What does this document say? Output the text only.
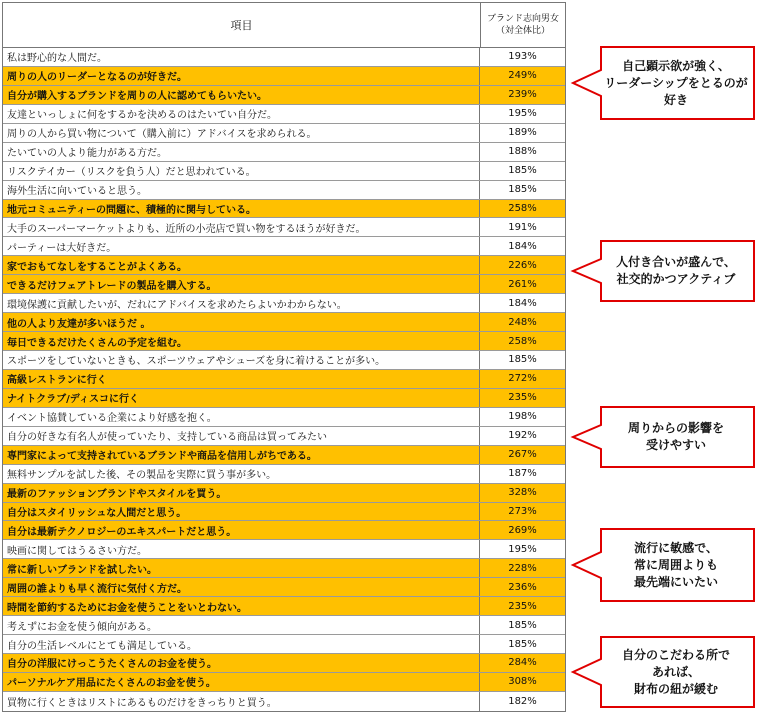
項目	ブランド志向男女
（対全体比）
私は野心的な人間だ。	193%
周りの人のリーダーとなるのが好きだ。	249%
自分が購入するブランドを周りの人に認めてもらいたい。	239%
友達といっしょに何をするかを決めるのはたいてい自分だ。	195%
周りの人から買い物について（購入前に）アドバイスを求められる。	189%
たいていの人より能力がある方だ。	188%
リスクテイカー（リスクを負う人）だと思われている。	185%
海外生活に向いていると思う。	185%
地元コミュニティーの問題に、積極的に関与している。	258%
大手のスーパーマーケットよりも、近所の小売店で買い物をするほうが好きだ。	191%
パーティーは大好きだ。	184%
家でおもてなしをすることがよくある。	226%
できるだけフェアトレードの製品を購入する。	261%
環境保護に貢献したいが、だれにアドバイスを求めたらよいかわからない。	184%
他の人より友達が多いほうだ 。	248%
毎日できるだけたくさんの予定を組む。	258%
スポーツをしていないときも、スポーツウェアやシューズを身に着けることが多い。	185%
高級レストランに行く	272%
ナイトクラブ/ディスコに行く	235%
イベント協賛している企業により好感を抱く。	198%
自分の好きな有名人が使っていたり、支持している商品は買ってみたい	192%
専門家によって支持されているブランドや商品を信用しがちである。	267%
無料サンプルを試した後、その製品を実際に買う事が多い。	187%
最新のファッションブランドやスタイルを買う。	328%
自分はスタイリッシュな人間だと思う。	273%
自分は最新テクノロジーのエキスパートだと思う。	269%
映画に関してはうるさい方だ。	195%
常に新しいブランドを試したい。	228%
周囲の誰よりも早く流行に気付く方だ。	236%
時間を節約するためにお金を使うことをいとわない。	235%
考えずにお金を使う傾向がある。	185%
自分の生活レベルにとても満足している。	185%
自分の洋服にけっこうたくさんのお金を使う。	284%
パーソナルケア用品にたくさんのお金を使う。	308%
買物に行くときはリストにあるものだけをきっちりと買う。	182%
自己顕示欲が強く、
リーダーシップをとるのが
好き
人付き合いが盛んで、
社交的かつアクティブ
周りからの影響を
受けやすい
流行に敏感で、
常に周囲よりも
最先端にいたい
自分のこだわる所で
あれば、
財布の紐が緩む
